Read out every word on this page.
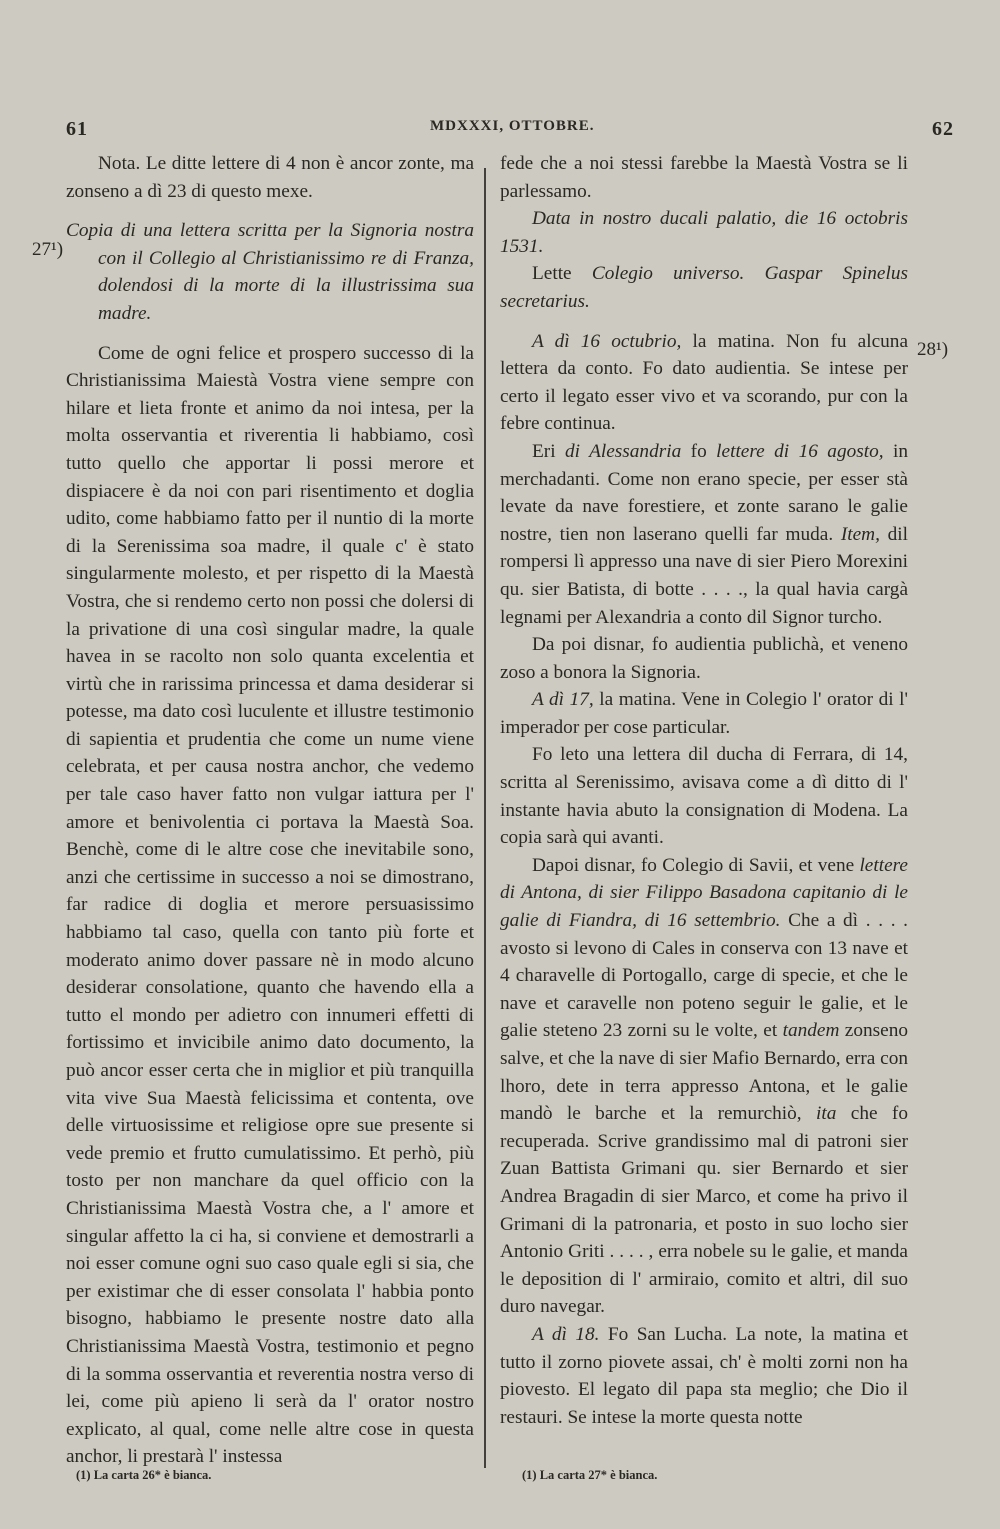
61	MDXXXI, OTTOBRE.	62
27¹)
28¹)

Nota. Le ditte lettere di 4 non è ancor zonte, ma zonseno a dì 23 di questo mexe.

Copia di una lettera scritta per la Signoria nostra con il Collegio al Christianissimo re di Franza, dolendosi di la morte di la illustrissima sua madre.

Come de ogni felice et prospero successo di la Christianissima Maiestà Vostra viene sempre con hilare et lieta fronte et animo da noi intesa, per la molta osservantia et riverentia li habbiamo, così tutto quello che apportar li possi merore et dispiacere è da noi con pari risentimento et doglia udito, come habbiamo fatto per il nuntio di la morte di la Serenissima soa madre, il quale c' è stato singularmente molesto, et per rispetto di la Maestà Vostra, che si rendemo certo non possi che dolersi di la privatione di una così singular madre, la quale havea in se racolto non solo quanta excelentia et virtù che in rarissima princessa et dama desiderar si potesse, ma dato così luculente et illustre testimonio di sapientia et prudentia che come un nume viene celebrata, et per causa nostra anchor, che vedemo per tale caso haver fatto non vulgar iattura per l' amore et benivolentia ci portava la Maestà Soa. Benchè, come di le altre cose che inevitabile sono, anzi che certissime in successo a noi se dimostrano, far radice di doglia et merore persuasissimo habbiamo tal caso, quella con tanto più forte et moderato animo dover passare nè in modo alcuno desiderar consolatione, quanto che havendo ella a tutto el mondo per adietro con innumeri effetti di fortissimo et invicibile animo dato documento, la può ancor esser certa che in miglior et più tranquilla vita vive Sua Maestà felicissima et contenta, ove delle virtuosissime et religiose opre sue presente si vede premio et frutto cumulatissimo. Et perhò, più tosto per non manchare da quel officio con la Christianissima Maestà Vostra che, a l' amore et singular affetto la ci ha, si conviene et demostrarli a noi esser comune ogni suo caso quale egli si sia, che per existimar che di esser consolata l' habbia ponto bisogno, habbiamo le presente nostre dato alla Christianissima Maestà Vostra, testimonio et pegno di la somma osservantia et reverentia nostra verso di lei, come più apieno li serà da l' orator nostro explicato, al qual, come nelle altre cose in questa anchor, li prestarà l' instessa

fede che a noi stessi farebbe la Maestà Vostra se li parlessamo.

Data in nostro ducali palatio, die 16 octobris 1531.

Lette Colegio universo. Gaspar Spinelus secretarius.

A dì 16 octubrio, la matina. Non fu alcuna lettera da conto. Fo dato audientia. Se intese per certo il legato esser vivo et va scorando, pur con la febre continua.

Eri di Alessandria fo lettere di 16 agosto, in merchadanti. Come non erano specie, per esser stà levate da nave forestiere, et zonte sarano le galie nostre, tien non laserano quelli far muda. Item, dil rompersi lì appresso una nave di sier Piero Morexini qu. sier Batista, di botte . . . ., la qual havia cargà legnami per Alexandria a conto dil Signor turcho.

Da poi disnar, fo audientia publichà, et veneno zoso a bonora la Signoria.

A dì 17, la matina. Vene in Colegio l' orator di l' imperador per cose particular.

Fo leto una lettera dil ducha di Ferrara, di 14, scritta al Serenissimo, avisava come a dì ditto di l' instante havia abuto la consignation di Modena. La copia sarà qui avanti.

Dapoi disnar, fo Colegio di Savii, et vene lettere di Antona, di sier Filippo Basadona capitanio di le galie di Fiandra, di 16 settembrio. Che a dì . . . . avosto si levono di Cales in conserva con 13 nave et 4 charavelle di Portogallo, carge di specie, et che le nave et caravelle non poteno seguir le galie, et le galie steteno 23 zorni su le volte, et tandem zonseno salve, et che la nave di sier Mafio Bernardo, erra con lhoro, dete in terra appresso Antona, et le galie mandò le barche et la remurchiò, ita che fo recuperada. Scrive grandissimo mal di patroni sier Zuan Battista Grimani qu. sier Bernardo et sier Andrea Bragadin di sier Marco, et come ha privo il Grimani di la patronaria, et posto in suo locho sier Antonio Griti . . . . , erra nobele su le galie, et manda le deposition di l' armiraio, comito et altri, dil suo duro navegar.

A dì 18. Fo San Lucha. La note, la matina et tutto il zorno piovete assai, ch' è molti zorni non ha piovesto. El legato dil papa sta meglio; che Dio il restauri. Se intese la morte questa notte

(1) La carta 26* è bianca.	(1) La carta 27* è bianca.
